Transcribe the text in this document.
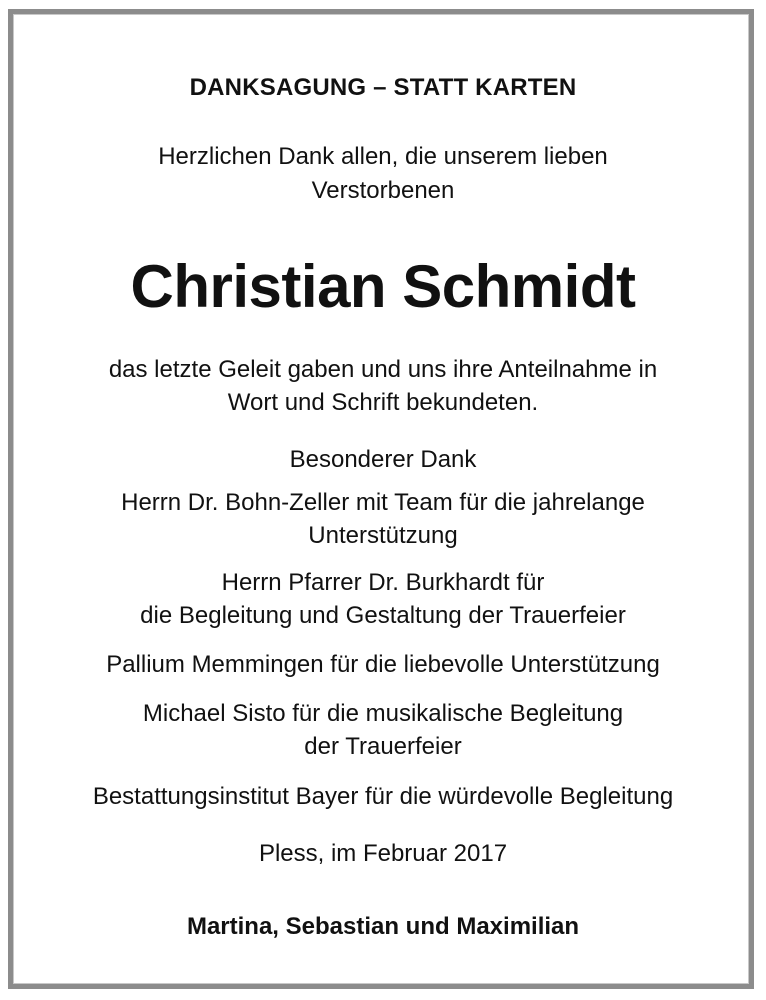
DANKSAGUNG – STATT KARTEN
Herzlichen Dank allen, die unserem lieben
Verstorbenen
Christian Schmidt
das letzte Geleit gaben und uns ihre Anteilnahme in
Wort und Schrift bekundeten.
Besonderer Dank
Herrn Dr. Bohn-Zeller mit Team für die jahrelange
Unterstützung
Herrn Pfarrer Dr. Burkhardt für
die Begleitung und Gestaltung der Trauerfeier
Pallium Memmingen für die liebevolle Unterstützung
Michael Sisto für die musikalische Begleitung
der Trauerfeier
Bestattungsinstitut Bayer für die würdevolle Begleitung
Pless, im Februar 2017
Martina, Sebastian und Maximilian
